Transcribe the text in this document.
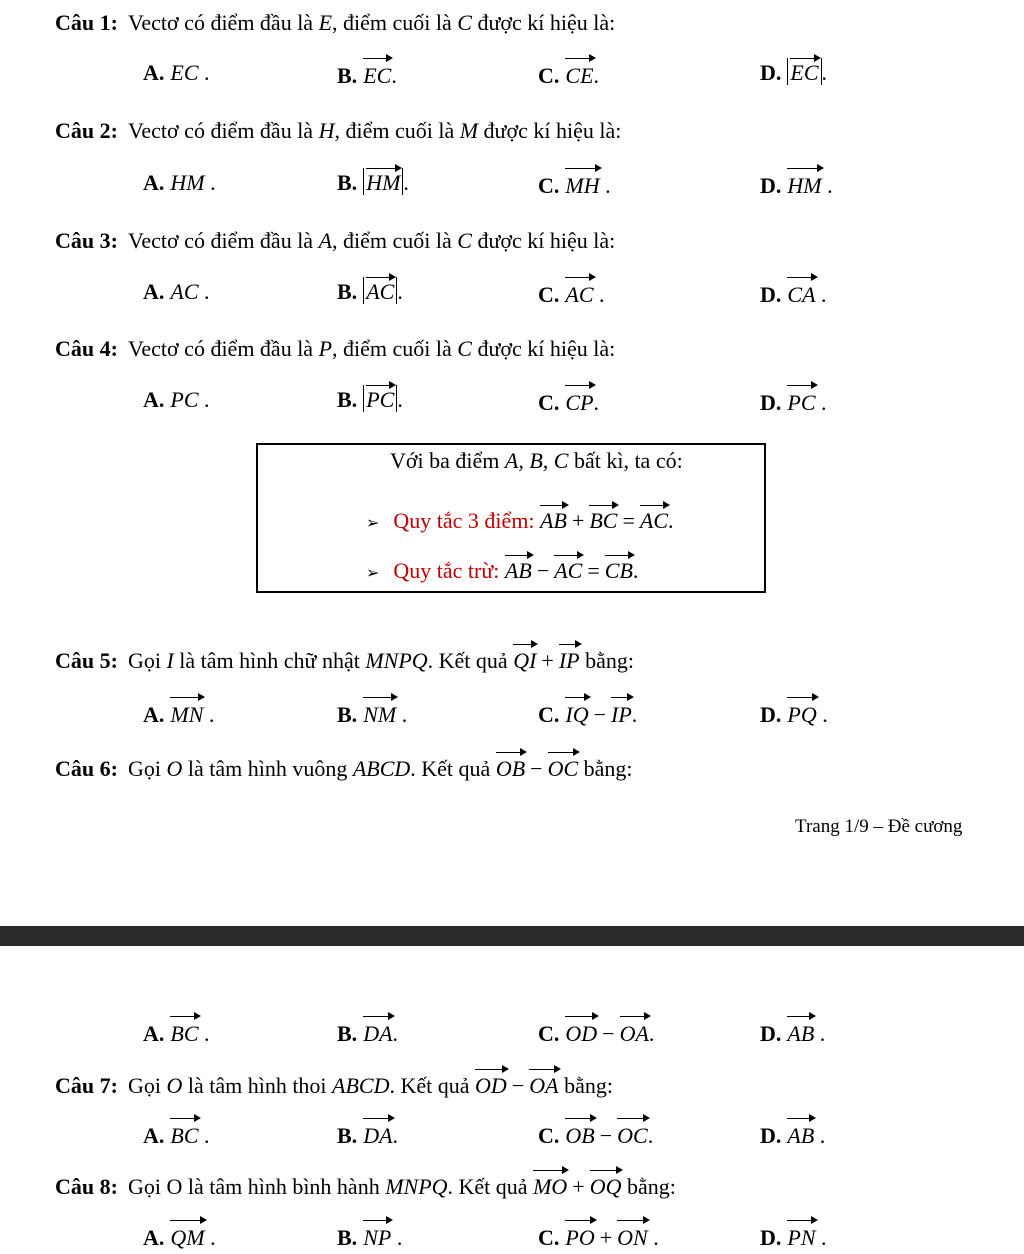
Câu 1: Vectơ có điểm đầu là E, điểm cuối là C được kí hiệu là:
A. EC .	B. EC.	C. CE.	D. EC .
Câu 2: Vectơ có điểm đầu là H, điểm cuối là M được kí hiệu là:
A. HM .	B. HM .	C. MH .	D. HM .
Câu 3: Vectơ có điểm đầu là A, điểm cuối là C được kí hiệu là:
A. AC .	B. AC .	C. AC .	D. CA .
Câu 4: Vectơ có điểm đầu là P, điểm cuối là C được kí hiệu là:
A. PC .	B. PC .	C. CP.	D. PC .
Với ba điểm A, B, C bất kì, ta có:
➢ Quy tắc 3 điểm: AB + BC = AC.
➢ Quy tắc trừ: AB − AC = CB.
Câu 5: Gọi I là tâm hình chữ nhật MNPQ. Kết quả QI + IP bằng:
A. MN .	B. NM .	C. IQ − IP.	D. PQ .
Câu 6: Gọi O là tâm hình vuông ABCD. Kết quả OB − OC bằng:
Trang 1/9 – Đề cương
A. BC .	B. DA.	C. OD − OA.	D. AB .
Câu 7: Gọi O là tâm hình thoi ABCD. Kết quả OD − OA bằng:
A. BC .	B. DA.	C. OB − OC.	D. AB .
Câu 8: Gọi O là tâm hình bình hành MNPQ. Kết quả MO + OQ bằng:
A. QM .	B. NP .	C. PO + ON .	D. PN .
